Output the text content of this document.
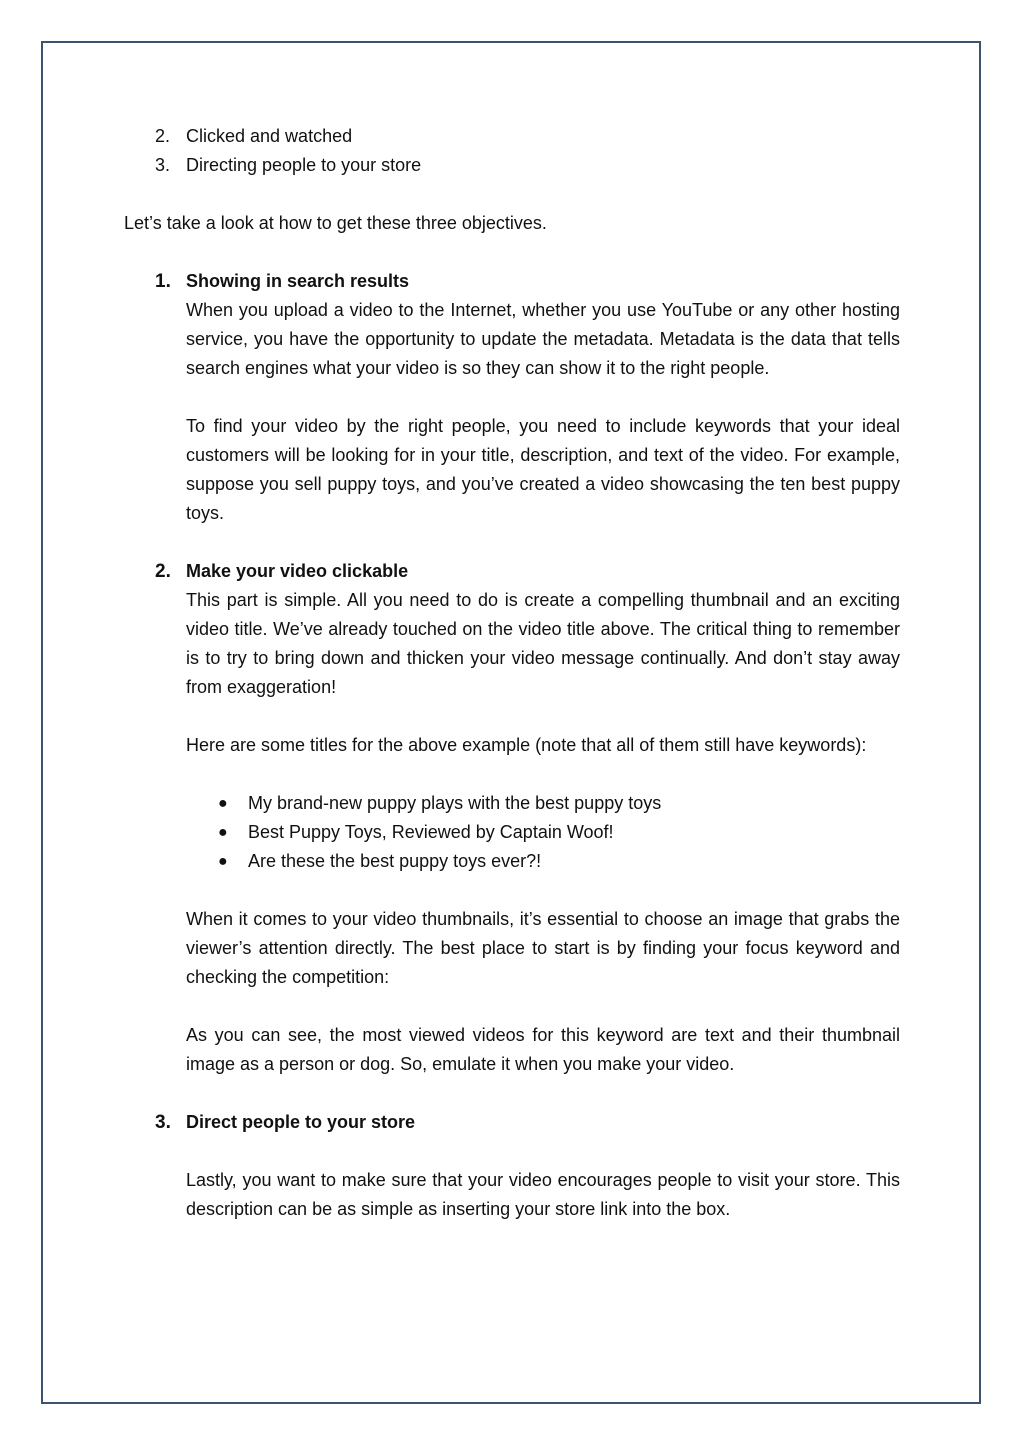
2. Clicked and watched
3. Directing people to your store

Let’s take a look at how to get these three objectives.

1. Showing in search results

When you upload a video to the Internet, whether you use YouTube or any other hosting service, you have the opportunity to update the metadata. Metadata is the data that tells search engines what your video is so they can show it to the right people.

To find your video by the right people, you need to include keywords that your ideal customers will be looking for in your title, description, and text of the video. For example, suppose you sell puppy toys, and you’ve created a video showcasing the ten best puppy toys.

2. Make your video clickable

This part is simple. All you need to do is create a compelling thumbnail and an exciting video title. We’ve already touched on the video title above. The critical thing to remember is to try to bring down and thicken your video message continually. And don’t stay away from exaggeration!

Here are some titles for the above example (note that all of them still have keywords):

● My brand-new puppy plays with the best puppy toys
● Best Puppy Toys, Reviewed by Captain Woof!
● Are these the best puppy toys ever?!

When it comes to your video thumbnails, it’s essential to choose an image that grabs the viewer’s attention directly. The best place to start is by finding your focus keyword and checking the competition:

As you can see, the most viewed videos for this keyword are text and their thumbnail image as a person or dog. So, emulate it when you make your video.

3. Direct people to your store

Lastly, you want to make sure that your video encourages people to visit your store. This description can be as simple as inserting your store link into the box.
